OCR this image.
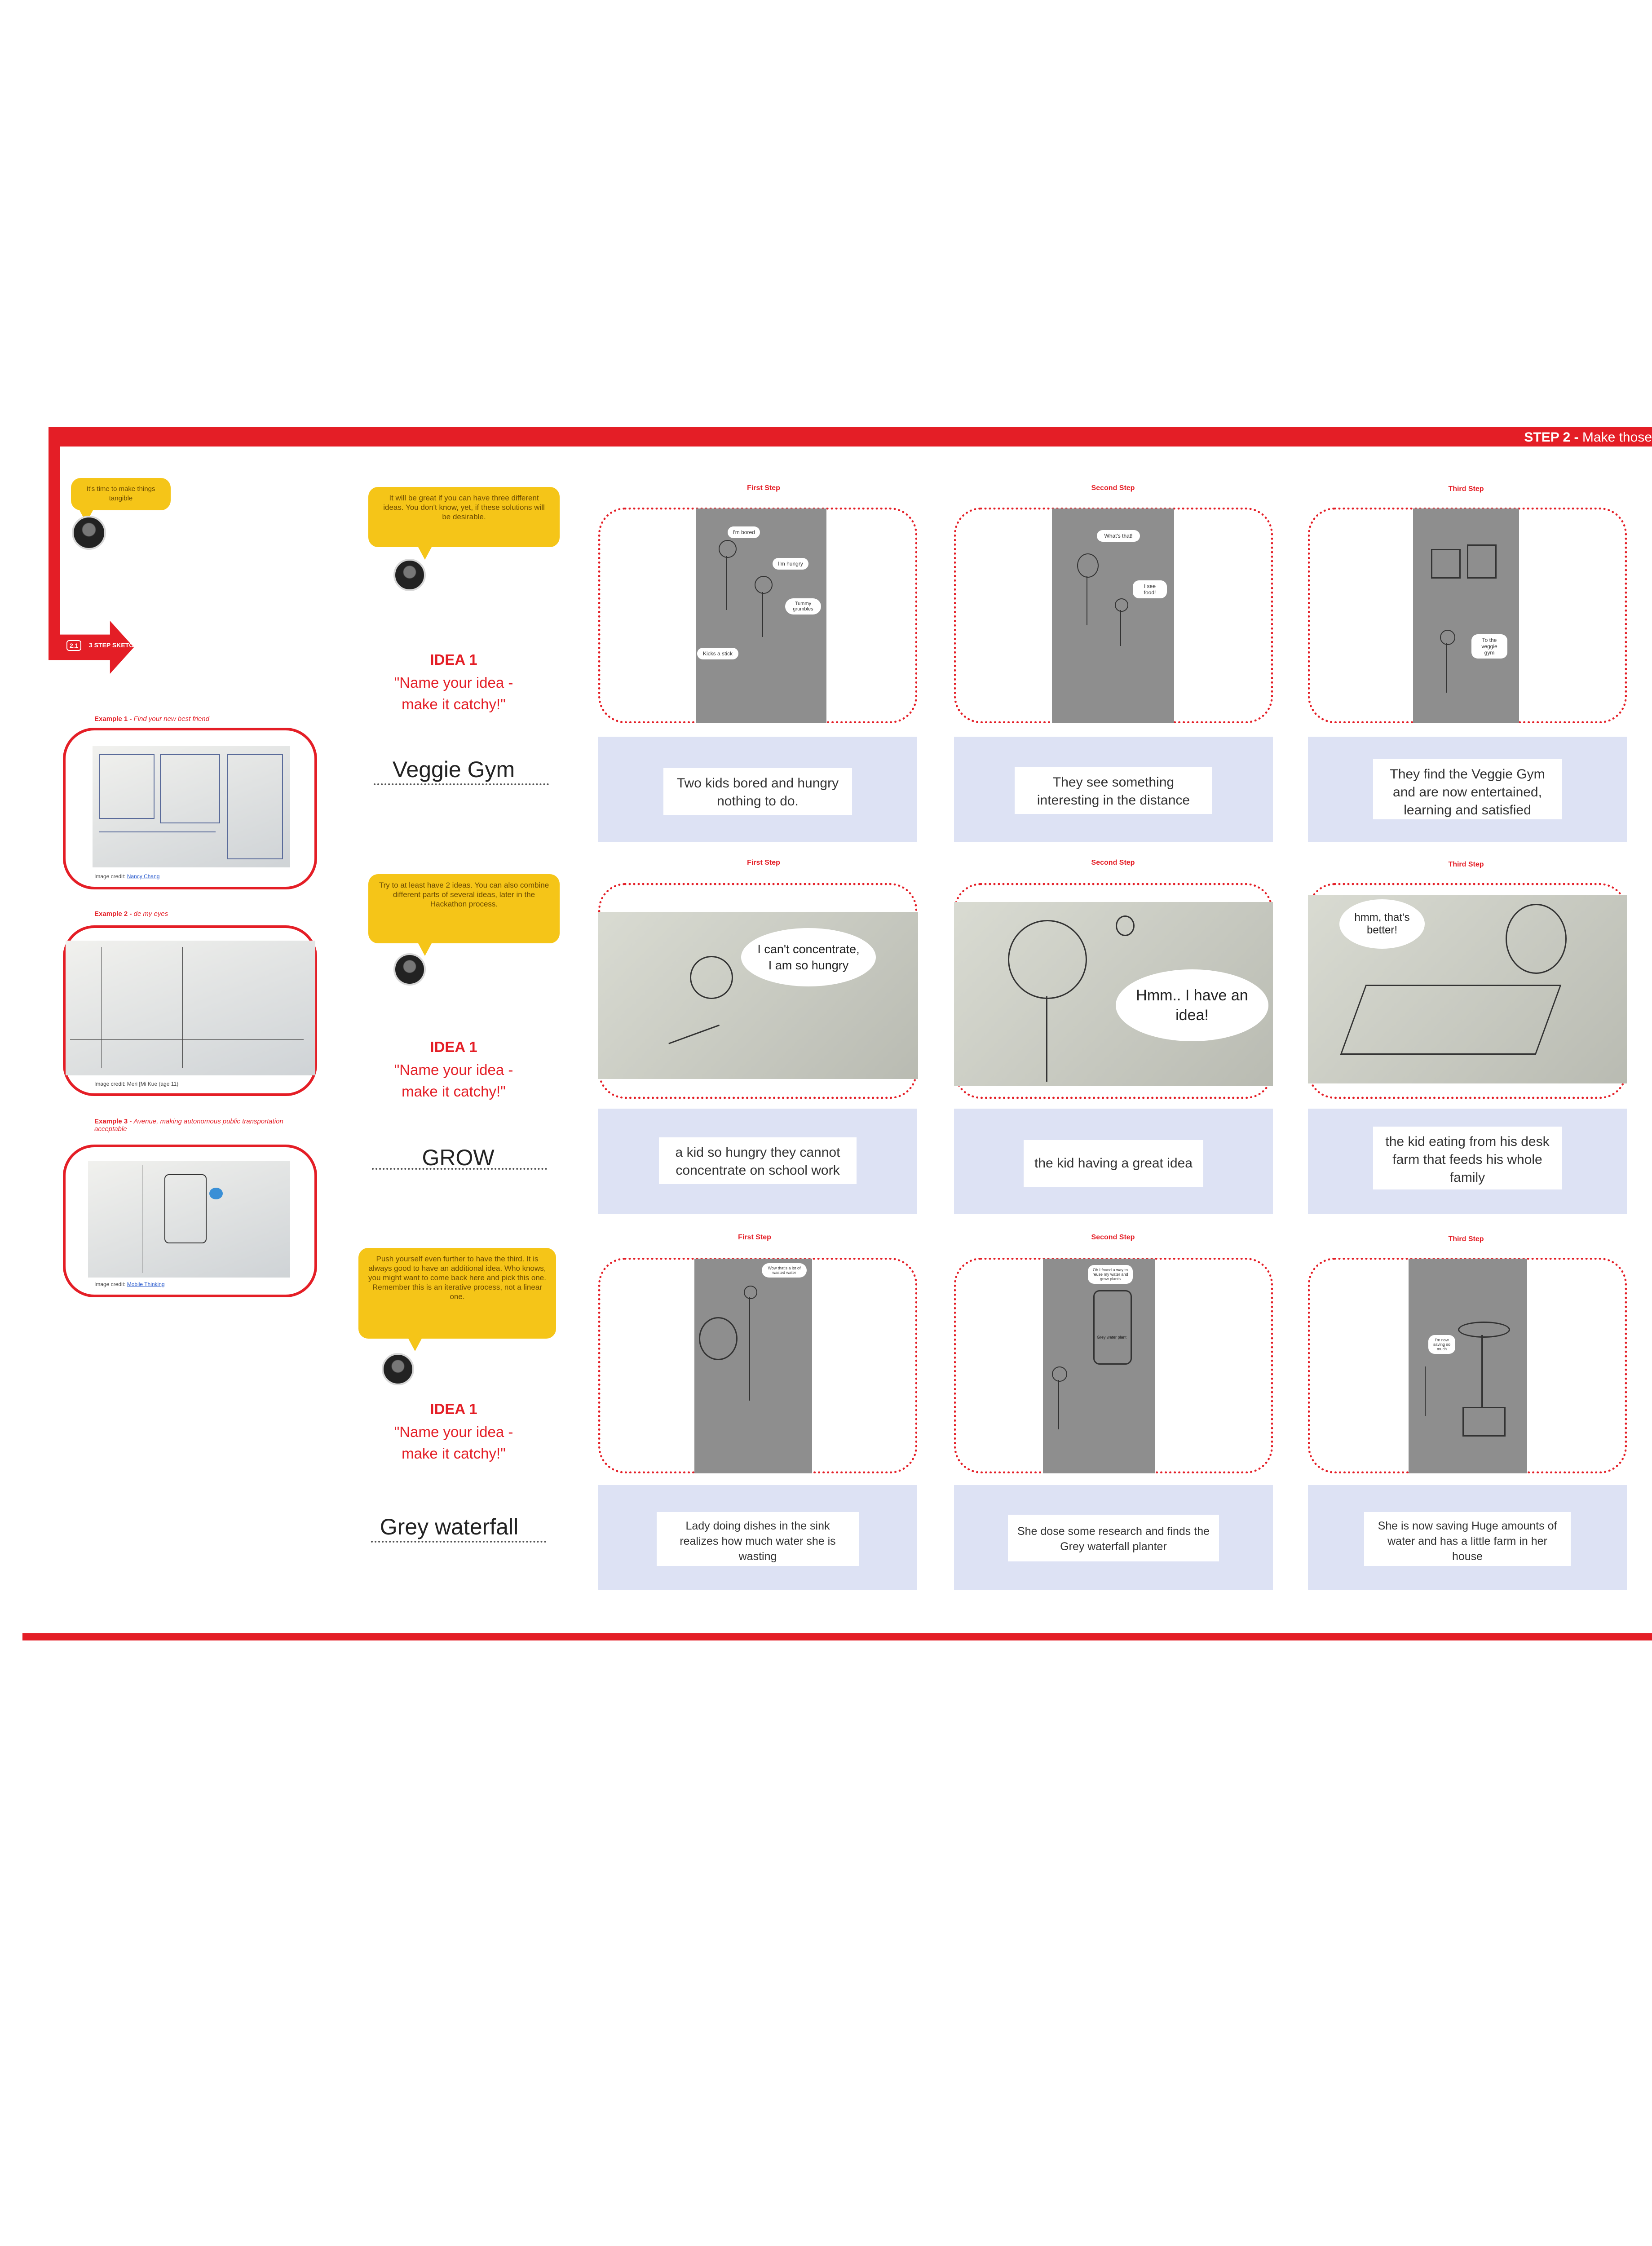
STEP 2 - Make those
2.1	3 STEP SKETCH
It's time to make things tangible
Example 1 - Find your new best friend
Image credit: Nancy Chang
Example 2 - de my eyes
Image credit: Meri [Mi Kue (age 11)
Example 3 - Avenue, making autonomous public transportation acceptable
Image credit: Mobile Thinking
It will be great if you can have three different ideas. You don't know, yet, if these solutions will be desirable.
IDEA 1
"Name your idea - make it catchy!"
Veggie Gym
First Step	Second Step	Third Step
I'm bored
I'm hungry
Tummy grumbles
Kicks a stick
What's that!
I see food!
To the veggie gym
Two kids bored and hungry nothing to do.
They see something interesting in the distance
They find the Veggie Gym and are now entertained, learning and satisfied
Try to at least have 2 ideas. You can also combine different parts of several ideas, later in the Hackathon process.
IDEA 1
"Name your idea - make it catchy!"
GROW
First Step	Second Step	Third Step
I can't concentrate, I am so hungry
Hmm.. I have an idea!
hmm, that's better!
a kid so hungry they cannot concentrate on school work	the kid having a great idea
the kid eating from his desk farm that feeds his whole family
Push yourself even further to have the third. It is always good to have an additional idea. Who knows, you might want to come back here and pick this one. Remember this is an iterative process, not a linear one.
IDEA 1
"Name your idea - make it catchy!"
Grey waterfall
First Step	Second Step	Third Step
Wow that's a lot of wasted water
Oh I found a way to reuse my water and grow plants
Grey water plant
I'm now saving so much
Lady doing dishes in the sink realizes how much water she is wasting
She dose some research and finds the Grey waterfall planter
She is now saving Huge amounts of water and has a little farm in her house
